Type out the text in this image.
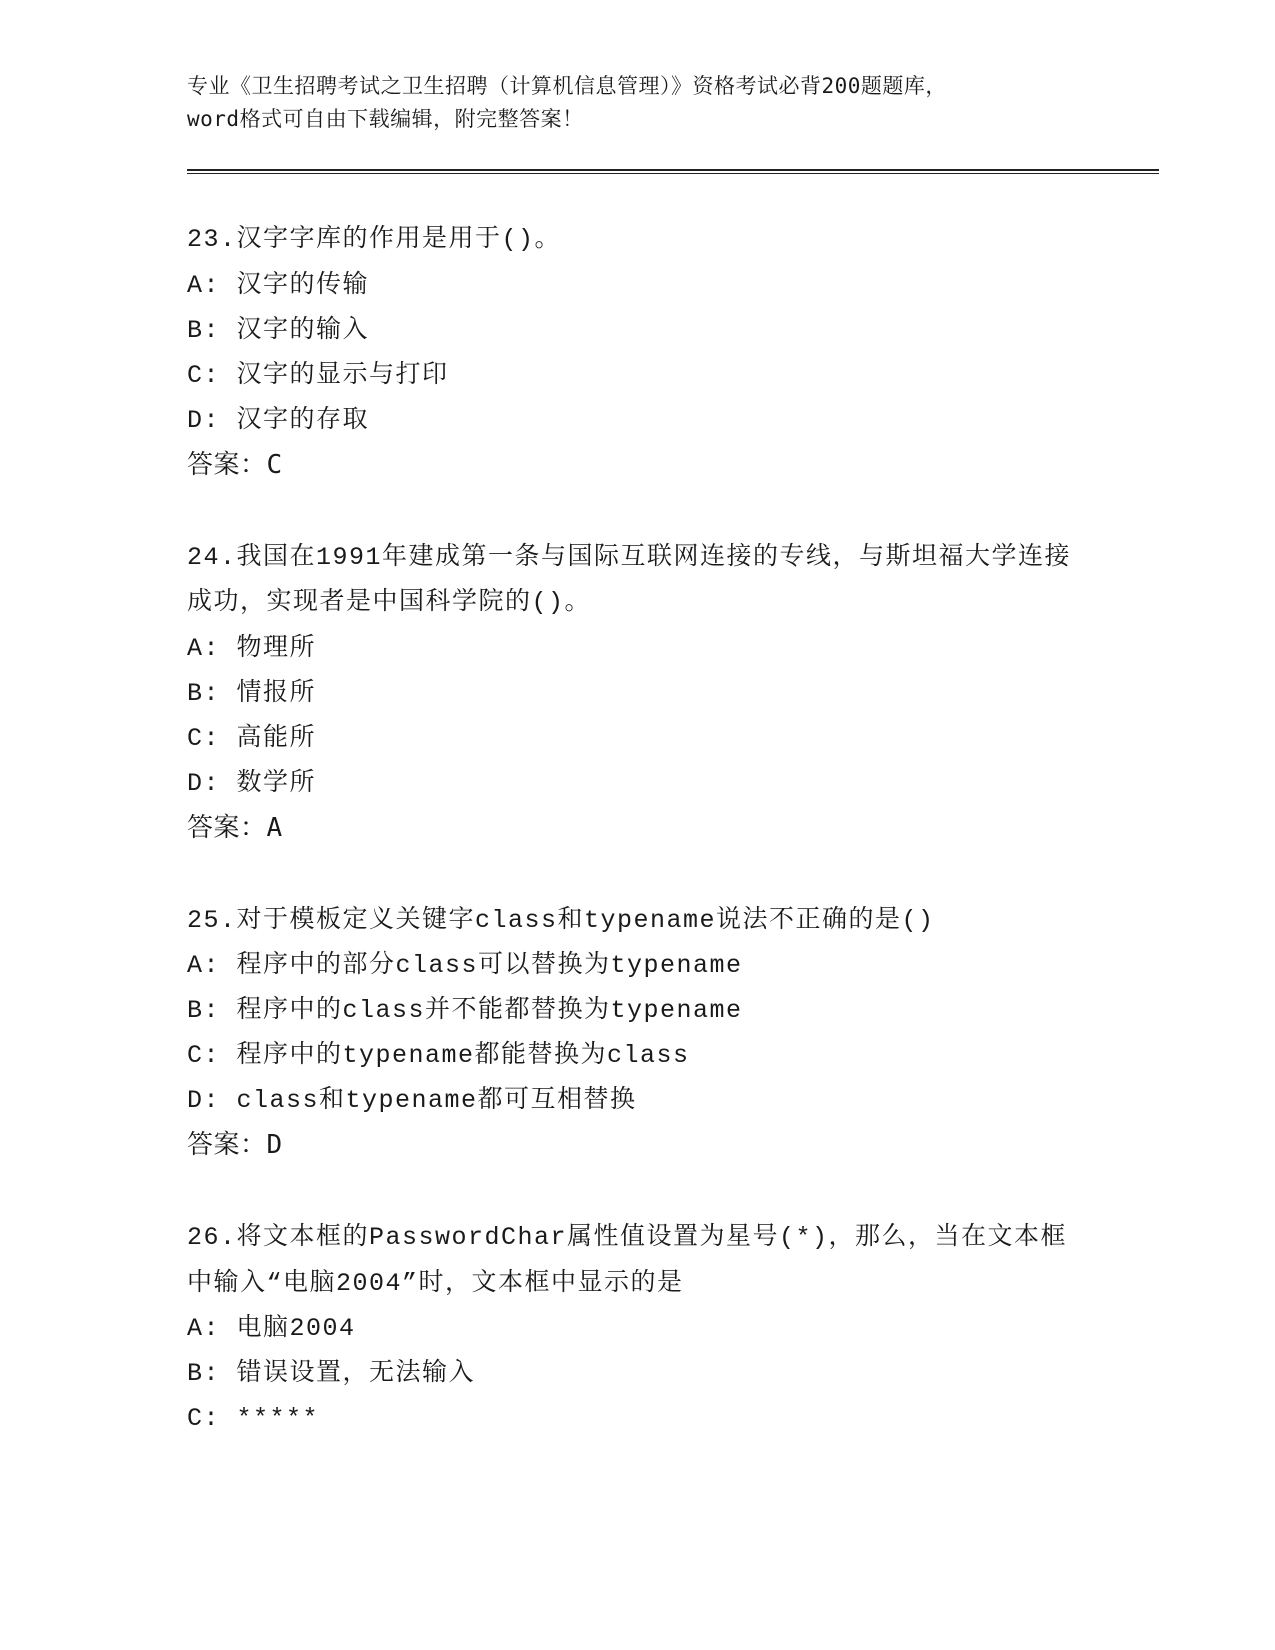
专业《卫生招聘考试之卫生招聘（计算机信息管理）》资格考试必背200题题库，
word格式可自由下载编辑，附完整答案！
23.汉字字库的作用是用于()。
A: 汉字的传输
B: 汉字的输入
C: 汉字的显示与打印
D: 汉字的存取
答案：C
24.我国在1991年建成第一条与国际互联网连接的专线，与斯坦福大学连接成功，实现者是中国科学院的()。
A: 物理所
B: 情报所
C: 高能所
D: 数学所
答案：A
25.对于模板定义关键字class和typename说法不正确的是()
A: 程序中的部分class可以替换为typename
B: 程序中的class并不能都替换为typename
C: 程序中的typename都能替换为class
D: class和typename都可互相替换
答案：D
26.将文本框的PasswordChar属性值设置为星号(*)，那么，当在文本框中输入“电脑2004”时，文本框中显示的是
A: 电脑2004
B: 错误设置，无法输入
C: *****
